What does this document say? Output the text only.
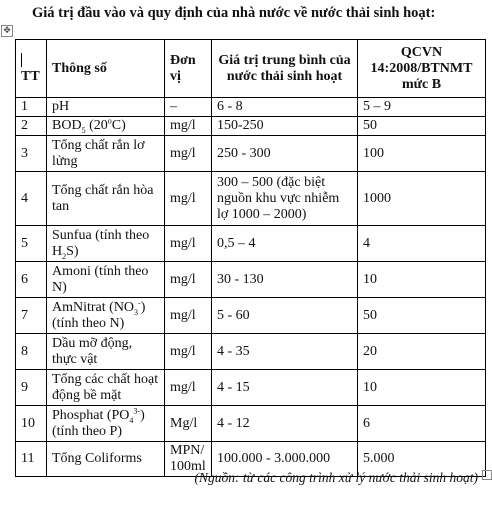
Giá trị đầu vào và quy định của nhà nước về nước thải sinh hoạt:
✥
TT	Thông số	Đơn vị	Giá trị trung bình của nước thải sinh hoạt	QCVN 14:2008/BTNMT mức B
1	pH	–	6 - 8	5 – 9
2	$BOD_5$ (20$^o$C)	mg/l	150-250	50
3	Tổng chất rắn lơ lửng	mg/l	250 - 300	100
4	Tổng chất rắn hòa tan	mg/l	300 – 500 (đặc biệt nguồn khu vực nhiễm lợ 1000 – 2000)	1000
5	Sunfua (tính theo $H_2S$)	mg/l	0,5 – 4	4
6	Amoni (tính theo N)	mg/l	30 - 130	10
7	AmNitrat $(NO_3^-)$ (tính theo N)	mg/l	5 - 60	50
8	Dầu mỡ động, thực vật	mg/l	4 - 35	20
9	Tổng các chất hoạt động bề mặt	mg/l	4 - 15	10
10	Phosphat $(PO_4^{3-})$ (tính theo P)	Mg/l	4 - 12	6
11	Tổng Coliforms	MPN/ 100ml	100.000 - 3.000.000	5.000
(Nguồn: từ các công trình xử lý nước thải sinh hoạt)
